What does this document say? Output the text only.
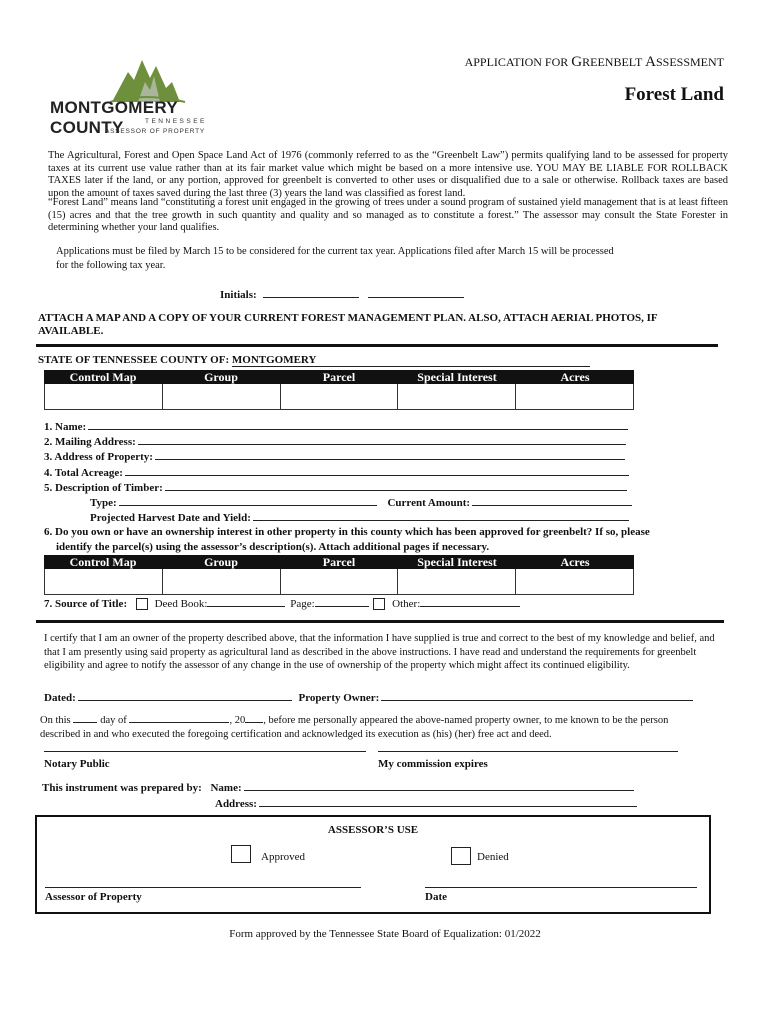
MONTGOMERY COUNTY	TENNESSEE
ASSESSOR OF PROPERTY
APPLICATION FOR GREENBELT ASSESSMENT
Forest Land
The Agricultural, Forest and Open Space Land Act of 1976 (commonly referred to as the “Greenbelt Law”) permits qualifying land to be assessed for property taxes at its current use value rather than at its fair market value which might be based on a more intensive use. YOU MAY BE LIABLE FOR ROLLBACK TAXES later if the land, or any portion, approved for greenbelt is converted to other uses or disqualified due to a sale or otherwise. Rollback taxes are based upon the amount of taxes saved during the last three (3) years the land was classified as forest land.
“Forest Land” means land “constituting a forest unit engaged in the growing of trees under a sound program of sustained yield management that is at least fifteen (15) acres and that the tree growth in such quantity and quality and so managed as to constitute a forest.” The assessor may consult the State Forester in determining whether your land qualifies.
Applications must be filed by March 15 to be considered for the current tax year. Applications filed after March 15 will be processed for the following tax year.
Initials:
ATTACH A MAP AND A COPY OF YOUR CURRENT FOREST MANAGEMENT PLAN. ALSO, ATTACH AERIAL PHOTOS, IF AVAILABLE.
STATE OF TENNESSEE COUNTY OF: MONTGOMERY
Control Map	Group	Parcel	Special Interest	Acres
1. Name:
2. Mailing Address:
3. Address of Property:
4. Total Acreage:
5. Description of Timber:
Type:	Current Amount:
Projected Harvest Date and Yield:
6. Do you own or have an ownership interest in other property in this county which has been approved for greenbelt? If so, please
identify the parcel(s) using the assessor’s description(s). Attach additional pages if necessary.
Control Map	Group	Parcel	Special Interest	Acres
7. Source of Title:	Deed Book:	Page:	Other:
I certify that I am an owner of the property described above, that the information I have supplied is true and correct to the best of my knowledge and belief, and that I am presently using said property as agricultural land as described in the above instructions. I have read and understand the requirements for greenbelt eligibility and agree to notify the assessor of any change in the use of ownership of the property which might affect its continued eligibility.
Dated:	Property Owner:
On this	day of	, 20 , before me personally appeared the above-named property owner, to me known to be the person
described in and who executed the foregoing certification and acknowledged its execution as (his) (her) free act and deed.
Notary Public	My commission expires
This instrument was prepared by: Name:
Address:
ASSESSOR’S USE
Approved	Denied
Assessor of Property	Date
Form approved by the Tennessee State Board of Equalization: 01/2022
